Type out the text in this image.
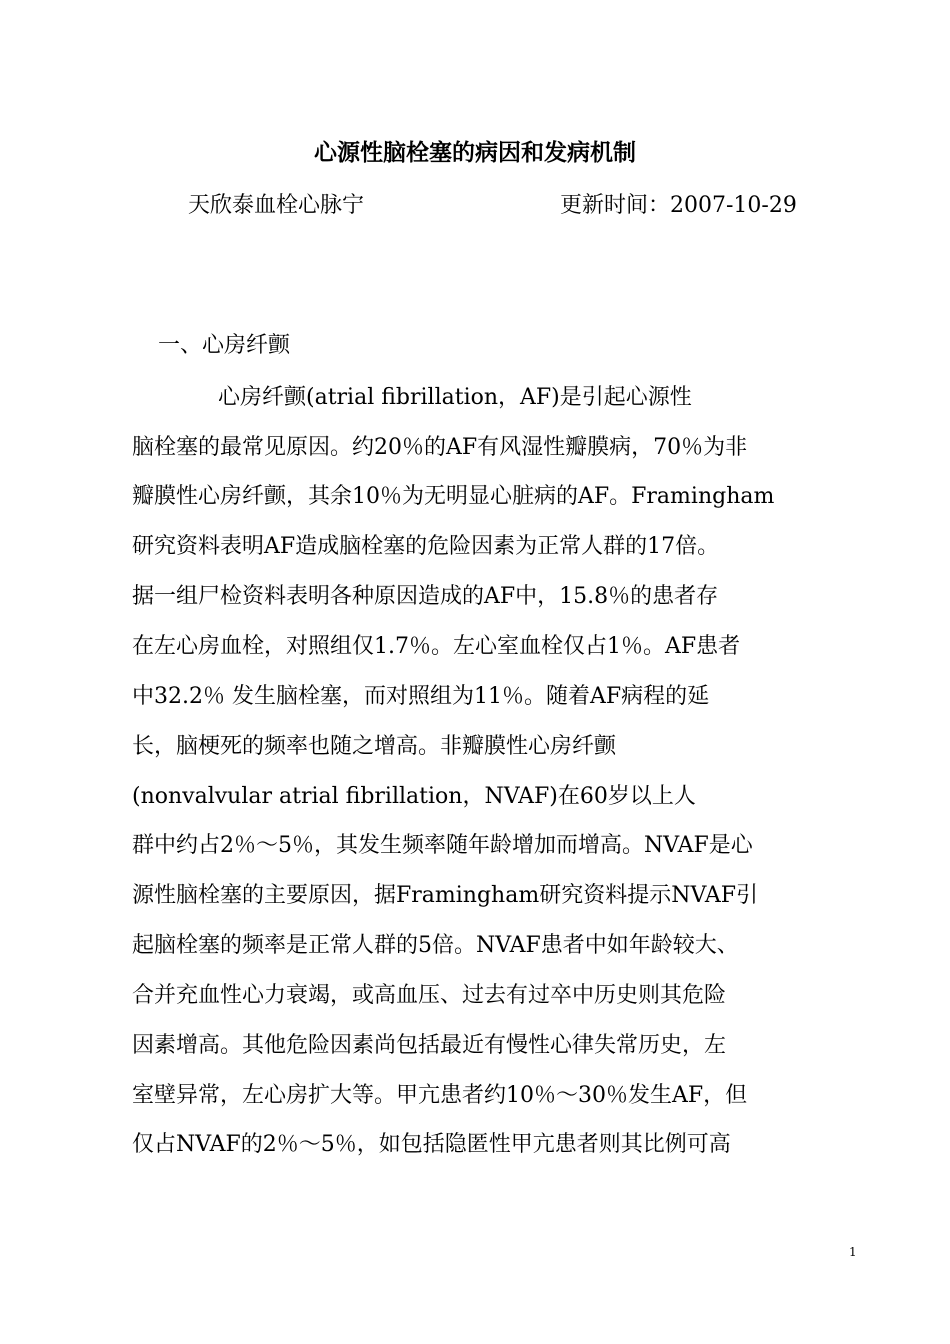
心源性脑栓塞的病因和发病机制
天欣泰血栓心脉宁	更新时间：2007-10-29
一、心房纤颤
心房纤颤(atrial fibrillation，AF)是引起心源性
脑栓塞的最常见原因。约20％的AF有风湿性瓣膜病，70％为非
瓣膜性心房纤颤，其余10％为无明显心脏病的AF。Framingham
研究资料表明AF造成脑栓塞的危险因素为正常人群的17倍。
据一组尸检资料表明各种原因造成的AF中，15.8％的患者存
在左心房血栓，对照组仅1.7％。左心室血栓仅占1％。AF患者
中32.2％ 发生脑栓塞，而对照组为11％。随着AF病程的延
长，脑梗死的频率也随之增高。非瓣膜性心房纤颤
(nonvalvular atrial fibrillation，NVAF)在60岁以上人
群中约占2％～5％，其发生频率随年龄增加而增高。NVAF是心
源性脑栓塞的主要原因，据Framingham研究资料提示NVAF引
起脑栓塞的频率是正常人群的5倍。NVAF患者中如年龄较大、
合并充血性心力衰竭，或高血压、过去有过卒中历史则其危险
因素增高。其他危险因素尚包括最近有慢性心律失常历史，左
室壁异常，左心房扩大等。甲亢患者约10％～30％发生AF，但
仅占NVAF的2％～5％，如包括隐匿性甲亢患者则其比例可高
1
